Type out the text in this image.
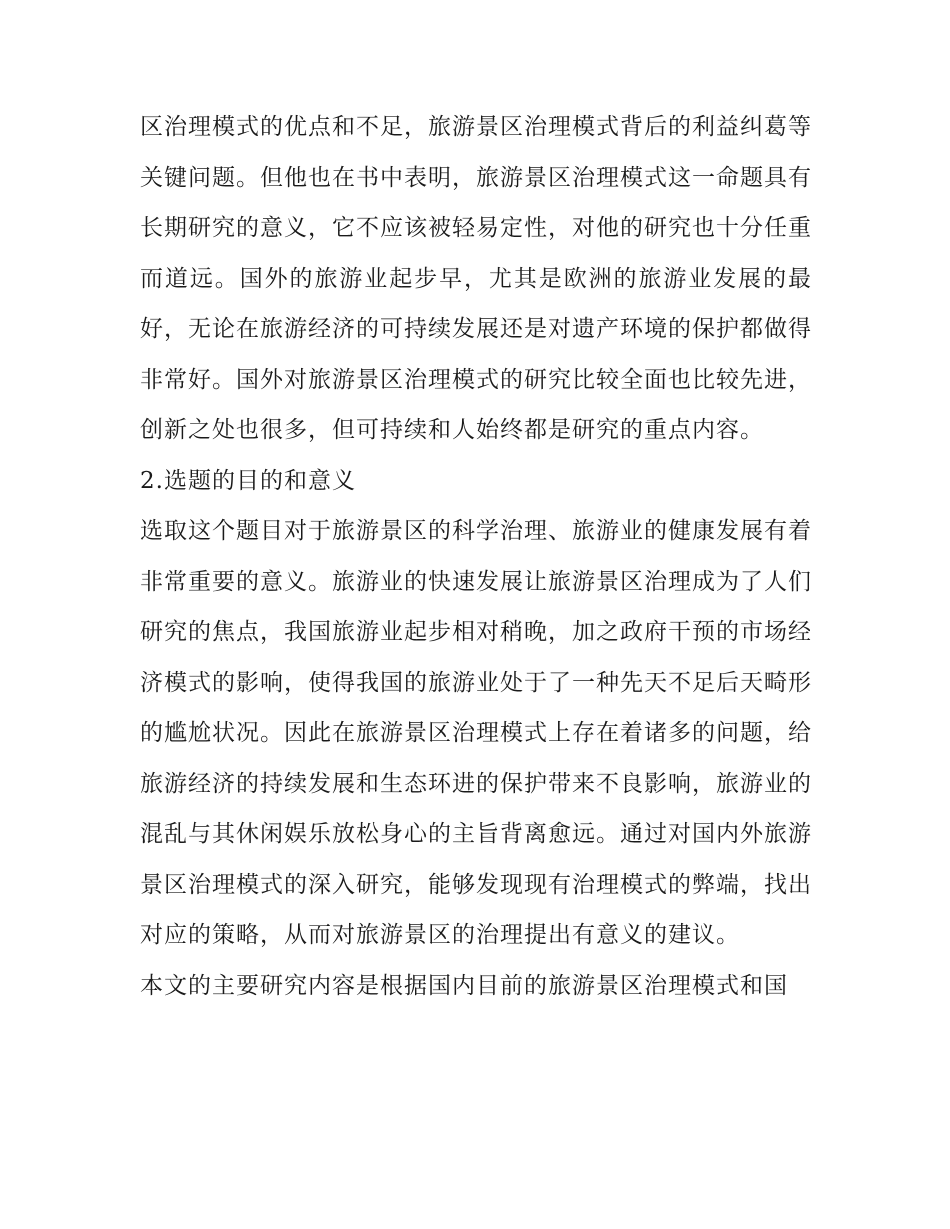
区治理模式的优点和不足，旅游景区治理模式背后的利益纠葛等关键问题。但他也在书中表明，旅游景区治理模式这一命题具有长期研究的意义，它不应该被轻易定性，对他的研究也十分任重而道远。国外的旅游业起步早，尤其是欧洲的旅游业发展的最好，无论在旅游经济的可持续发展还是对遗产环境的保护都做得非常好。国外对旅游景区治理模式的研究比较全面也比较先进，创新之处也很多，但可持续和人始终都是研究的重点内容。

2.选题的目的和意义

选取这个题目对于旅游景区的科学治理、旅游业的健康发展有着非常重要的意义。旅游业的快速发展让旅游景区治理成为了人们研究的焦点，我国旅游业起步相对稍晚，加之政府干预的市场经济模式的影响，使得我国的旅游业处于了一种先天不足后天畸形的尴尬状况。因此在旅游景区治理模式上存在着诸多的问题，给旅游经济的持续发展和生态环进的保护带来不良影响，旅游业的混乱与其休闲娱乐放松身心的主旨背离愈远。通过对国内外旅游景区治理模式的深入研究，能够发现现有治理模式的弊端，找出对应的策略，从而对旅游景区的治理提出有意义的建议。

本文的主要研究内容是根据国内目前的旅游景区治理模式和国
